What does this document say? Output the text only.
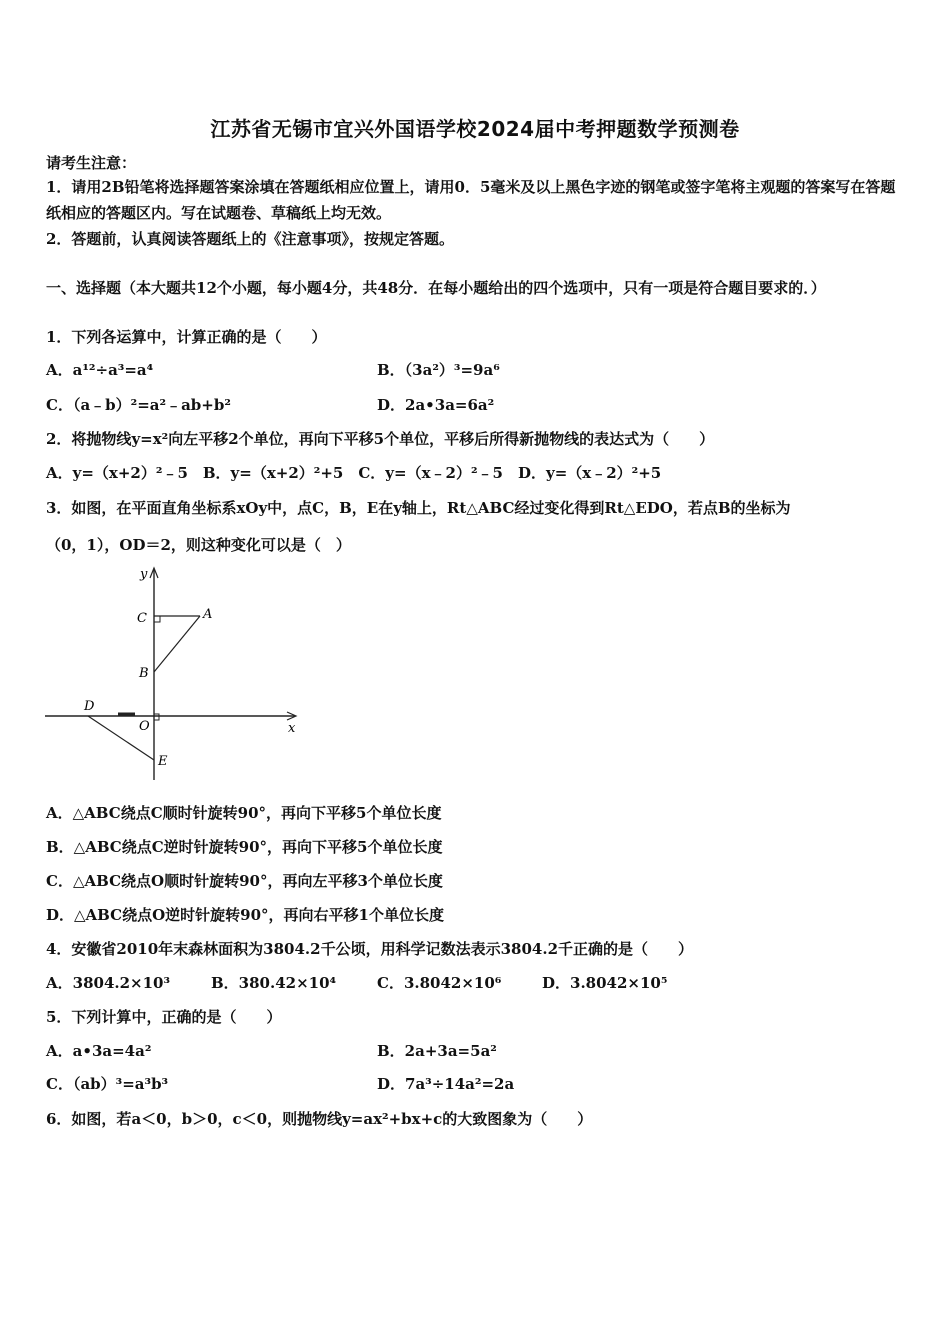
江苏省无锡市宜兴外国语学校2024届中考押题数学预测卷
请考生注意：
1．请用2B铅笔将选择题答案涂填在答题纸相应位置上，请用0．5毫米及以上黑色字迹的钢笔或签字笔将主观题的答案写在答题纸相应的答题区内。写在试题卷、草稿纸上均无效。
2．答题前，认真阅读答题纸上的《注意事项》，按规定答题。
一、选择题（本大题共12个小题，每小题4分，共48分．在每小题给出的四个选项中，只有一项是符合题目要求的．）
1．下列各运算中，计算正确的是（　　）
A．a¹²÷a³=a⁴	B．（3a²）³=9a⁶
C．（a﹣b）²=a²﹣ab+b²	D．2a•3a=6a²
2．将抛物线y=x²向左平移2个单位，再向下平移5个单位，平移后所得新抛物线的表达式为（　　）
A．y=（x+2）²﹣5　B．y=（x+2）²+5　C．y=（x﹣2）²﹣5　D．y=（x﹣2）²+5
3．如图，在平面直角坐标系xOy中，点C，B，E在y轴上，Rt△ABC经过变化得到Rt△EDO，若点B的坐标为
（0，1），OD＝2，则这种变化可以是（　）
y
x
C	A
B
D
O
E
A．△ABC绕点C顺时针旋转90°，再向下平移5个单位长度
B．△ABC绕点C逆时针旋转90°，再向下平移5个单位长度
C．△ABC绕点O顺时针旋转90°，再向左平移3个单位长度
D．△ABC绕点O逆时针旋转90°，再向右平移1个单位长度
4．安徽省2010年末森林面积为3804.2千公顷，用科学记数法表示3804.2千正确的是（　　）
A．3804.2×10³	B．380.42×10⁴	C．3.8042×10⁶	D．3.8042×10⁵
5．下列计算中，正确的是（　　）
A．a•3a=4a²	B．2a+3a=5a²
C．（ab）³=a³b³	D．7a³÷14a²=2a
6．如图，若a＜0，b＞0，c＜0，则抛物线y=ax²+bx+c的大致图象为（　　）
